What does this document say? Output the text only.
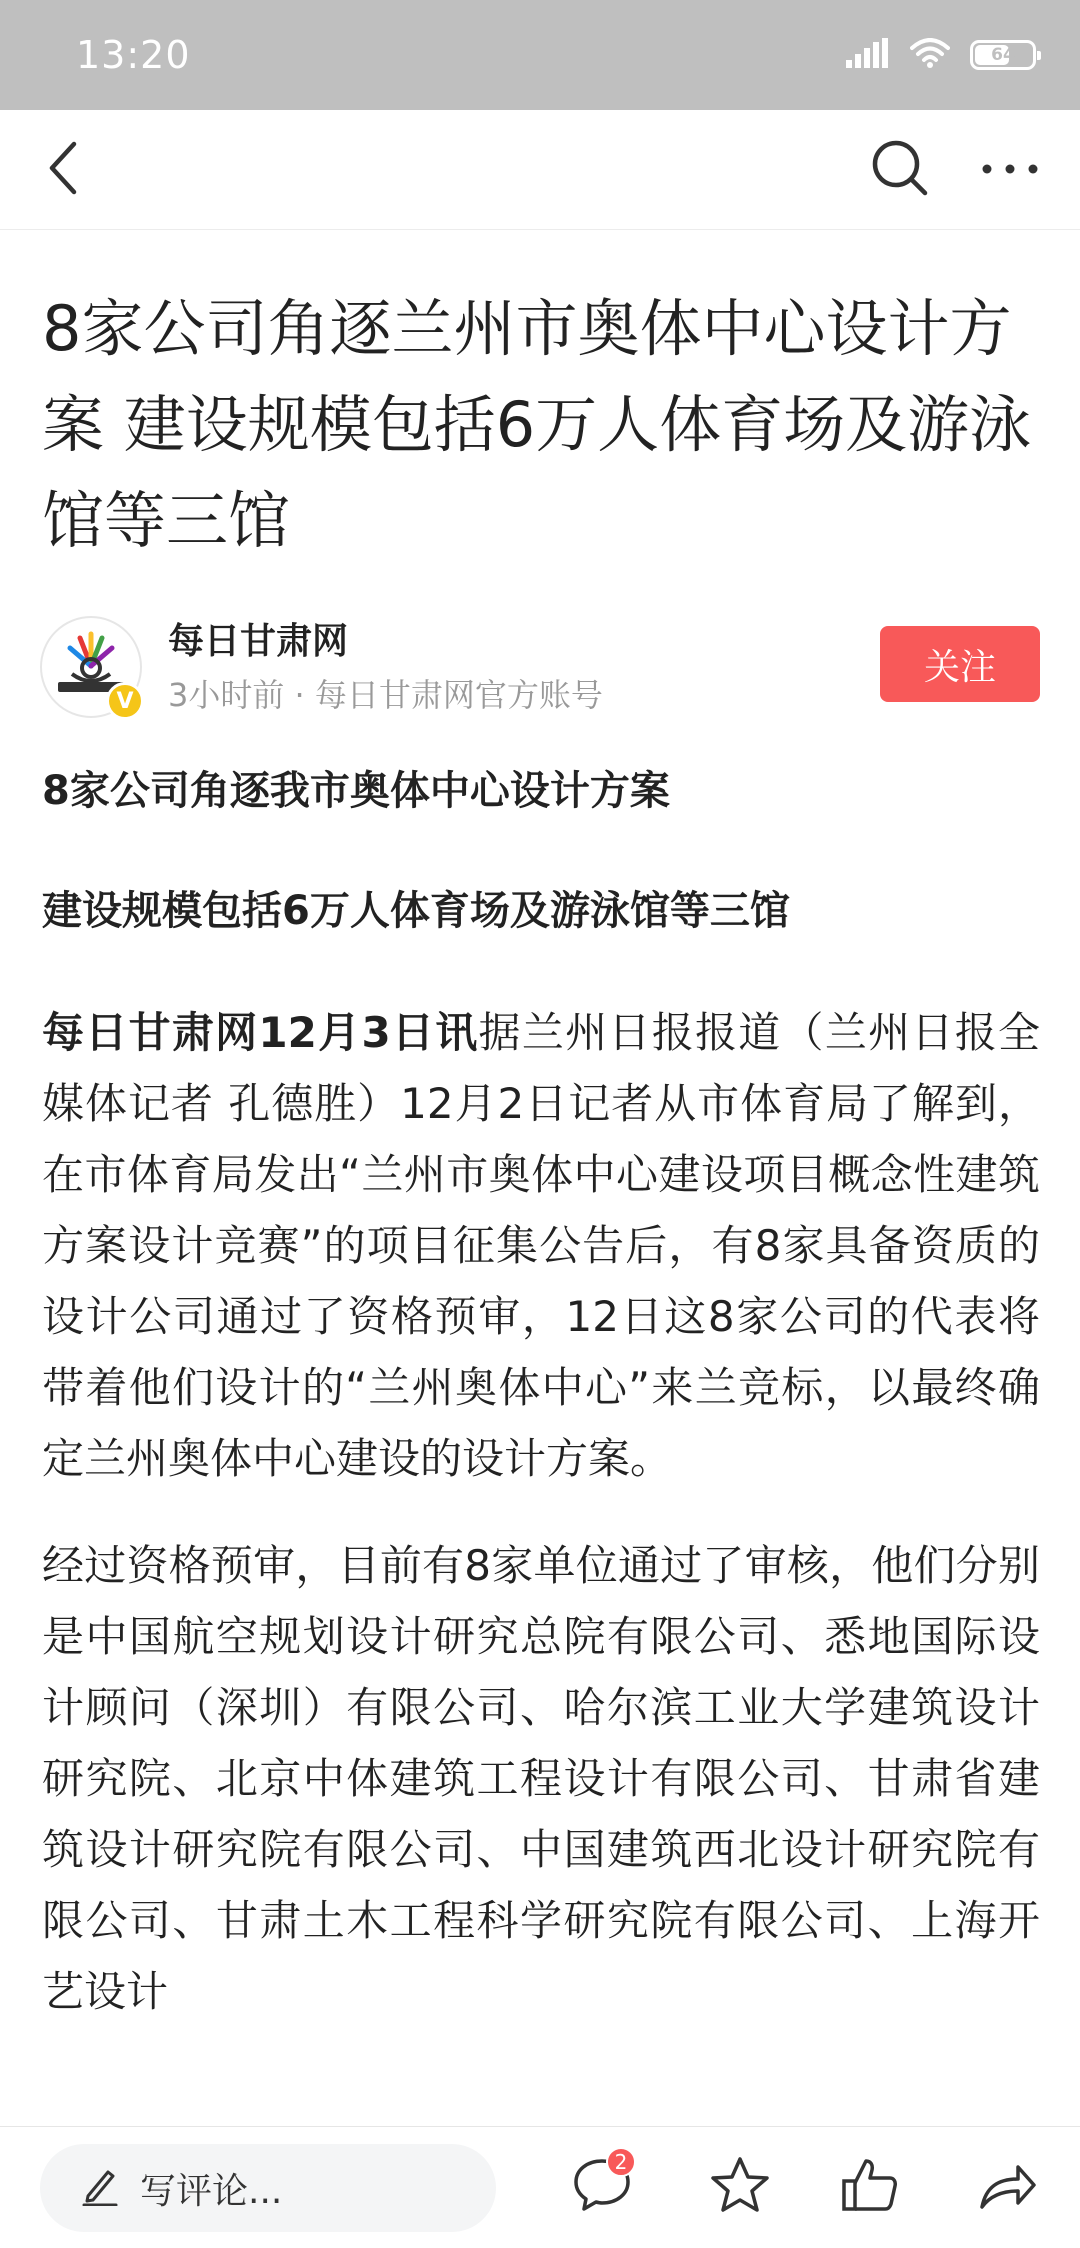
13:20	64
8家公司角逐兰州市奥体中心设计方案 建设规模包括6万人体育场及游泳馆等三馆
V
每日甘肃网
3小时前 · 每日甘肃网官方账号
关注

8家公司角逐我市奥体中心设计方案

建设规模包括6万人体育场及游泳馆等三馆

每日甘肃网12月3日讯据兰州日报报道（兰州日报全媒体记者 孔德胜）12月2日记者从市体育局了解到，在市体育局发出“兰州市奥体中心建设项目概念性建筑方案设计竞赛”的项目征集公告后，有8家具备资质的设计公司通过了资格预审，12日这8家公司的代表将带着他们设计的“兰州奥体中心”来兰竞标，以最终确定兰州奥体中心建设的设计方案。

经过资格预审，目前有8家单位通过了审核，他们分别是中国航空规划设计研究总院有限公司、悉地国际设计顾问（深圳）有限公司、哈尔滨工业大学建筑设计研究院、北京中体建筑工程设计有限公司、甘肃省建筑设计研究院有限公司、中国建筑西北设计研究院有限公司、甘肃土木工程科学研究院有限公司、上海开艺设计

写评论...
2
